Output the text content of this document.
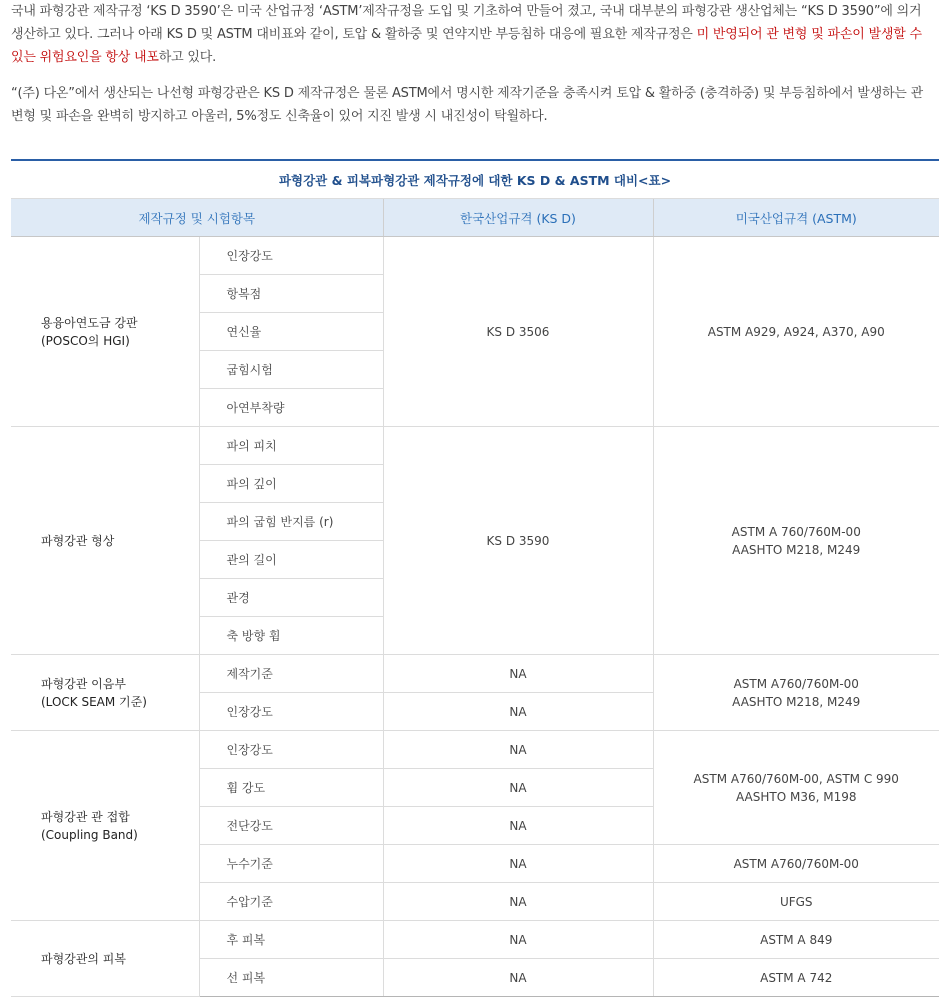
국내 파형강관 제작규정 ‘KS D 3590’은 미국 산업규정 ‘ASTM’제작규정을 도입 및 기초하여 만들어 졌고, 국내 대부분의 파형강관 생산업체는 “KS D 3590”에 의거 생산하고 있다. 그러나 아래 KS D 및 ASTM 대비표와 같이, 토압 & 활하중 및 연약지반 부등침하 대응에 필요한 제작규정은 미 반영되어 관 변형 및 파손이 발생할 수 있는 위험요인을 항상 내포하고 있다.

“(주) 다온”에서 생산되는 나선형 파형강관은 KS D 제작규정은 물론 ASTM에서 명시한 제작기준을 충족시켜 토압 & 활하중 (충격하중) 및 부등침하에서 발생하는 관 변형 및 파손을 완벽히 방지하고 아울러, 5%정도 신축율이 있어 지진 발생 시 내진성이 탁월하다.

파형강관 & 피복파형강관 제작규정에 대한 KS D & ASTM 대비<표>			
제작규정 및 시험항목		한국산업규격 (KS D)	미국산업규격 (ASTM)
용융아연도금 강판
(POSCO의 HGI)	인장강도	KS D 3506	ASTM A929, A924, A370, A90
	항복점		
	연신율		
	굽힘시험		
	아연부착량		
파형강관 형상	파의 피치	KS D 3590	ASTM A 760/760M-00
AASHTO M218, M249

	파의 깊이		
	파의 굽힘 반지름 (r)		
	관의 길이		
	관경		
	축 방향 휨		
파형강관 이음부
(LOCK SEAM 기준)	제작기준	NA	ASTM A760/760M-00
AASHTO M218, M249

	인장강도	NA	
파형강관 관 접합
(Coupling Band)	인장강도	NA	ASTM A760/760M-00, ASTM C 990
AASHTO M36, M198

	휨 강도	NA	
	전단강도	NA	
	누수기준	NA	ASTM A760/760M-00
	수압기준	NA	UFGS
파형강관의 피복	후 피복	NA	ASTM A 849
	선 피복	NA	ASTM A 742
